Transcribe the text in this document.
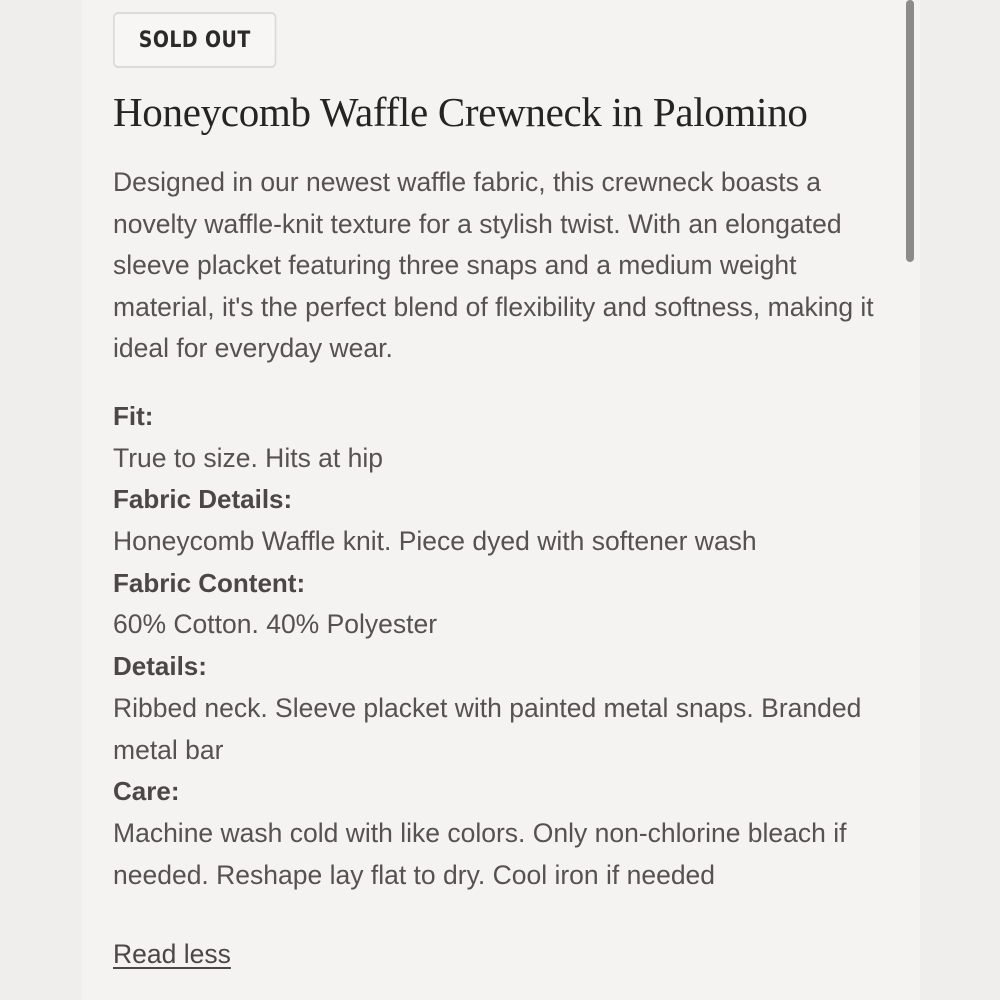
SOLD OUT
Honeycomb Waffle Crewneck in Palomino

Designed in our newest waffle fabric, this crewneck boasts a novelty waffle-knit texture for a stylish twist. With an elongated sleeve placket featuring three snaps and a medium weight material, it's the perfect blend of flexibility and softness, making it ideal for everyday wear.

Fit:
True to size. Hits at hip
Fabric Details:
Honeycomb Waffle knit. Piece dyed with softener wash
Fabric Content:
60% Cotton. 40% Polyester
Details:
Ribbed neck. Sleeve placket with painted metal snaps. Branded metal bar
Care:
Machine wash cold with like colors. Only non-chlorine bleach if needed. Reshape lay flat to dry. Cool iron if needed
Read less
